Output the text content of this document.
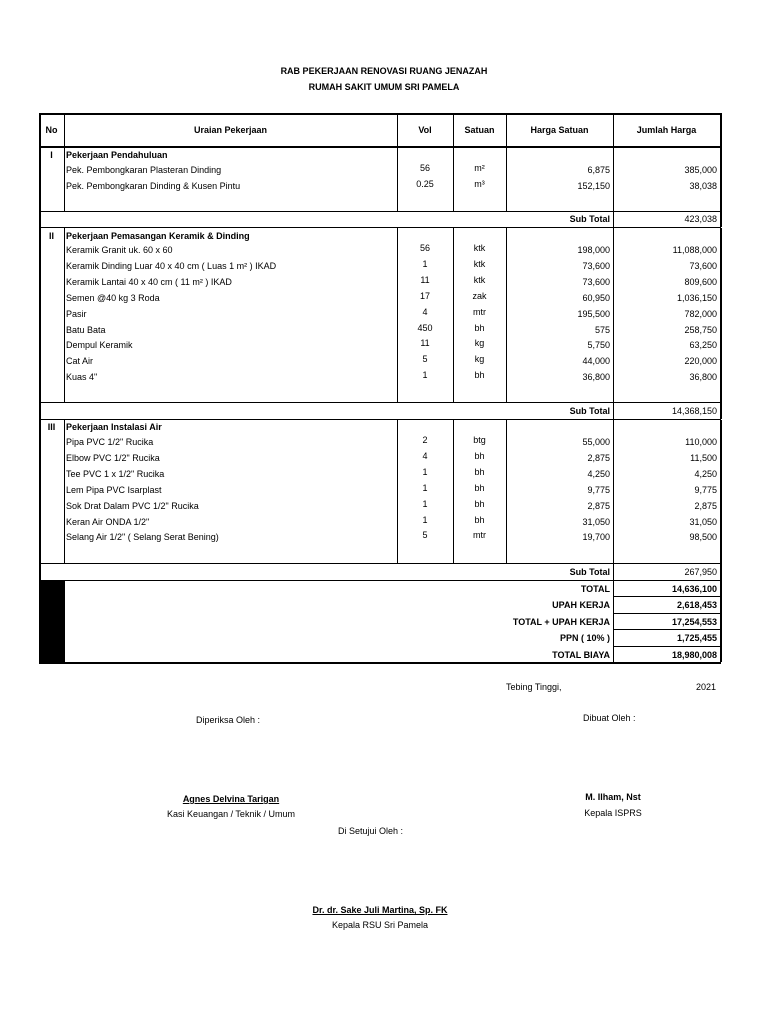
RAB PEKERJAAN RENOVASI RUANG JENAZAH
RUMAH SAKIT UMUM SRI PAMELA
No	Uraian Pekerjaan	Vol	Satuan	Harga Satuan	Jumlah Harga
I	Pekerjaan Pendahuluan
Pek. Pembongkaran Plasteran Dinding	56	m²	6,875	385,000
Pek. Pembongkaran Dinding & Kusen Pintu	0.25	m³	152,150	38,038
Sub Total	423,038
II	Pekerjaan Pemasangan Keramik & Dinding
Keramik Granit uk. 60 x 60	56	ktk	198,000	11,088,000
Keramik Dinding Luar 40 x 40 cm ( Luas 1 m² ) IKAD	1	ktk	73,600	73,600
Keramik Lantai 40 x 40 cm ( 11 m² ) IKAD	11	ktk	73,600	809,600
Semen @40 kg 3 Roda	17	zak	60,950	1,036,150
Pasir	4	mtr	195,500	782,000
Batu Bata	450	bh	575	258,750
Dempul Keramik	11	kg	5,750	63,250
Cat Air	5	kg	44,000	220,000
Kuas 4"	1	bh	36,800	36,800
Sub Total	14,368,150
III	Pekerjaan Instalasi Air
Pipa PVC 1/2" Rucika	2	btg	55,000	110,000
Elbow PVC 1/2" Rucika	4	bh	2,875	11,500
Tee PVC 1 x 1/2" Rucika	1	bh	4,250	4,250
Lem Pipa PVC Isarplast	1	bh	9,775	9,775
Sok Drat Dalam PVC 1/2" Rucika	1	bh	2,875	2,875
Keran Air ONDA 1/2"	1	bh	31,050	31,050
Selang Air 1/2" ( Selang Serat Bening)	5	mtr	19,700	98,500
Sub Total	267,950
TOTAL	14,636,100
UPAH KERJA	2,618,453
TOTAL + UPAH KERJA	17,254,553
PPN ( 10% )	1,725,455
TOTAL BIAYA	18,980,008
Tebing Tinggi,	2021
Diperiksa Oleh :	Dibuat Oleh :
Agnes Delvina Tarigan
Kasi Keuangan / Teknik / Umum
M. Ilham, Nst
Kepala ISPRS
Di Setujui Oleh :
Dr. dr. Sake Juli Martina, Sp. FK
Kepala RSU Sri Pamela
